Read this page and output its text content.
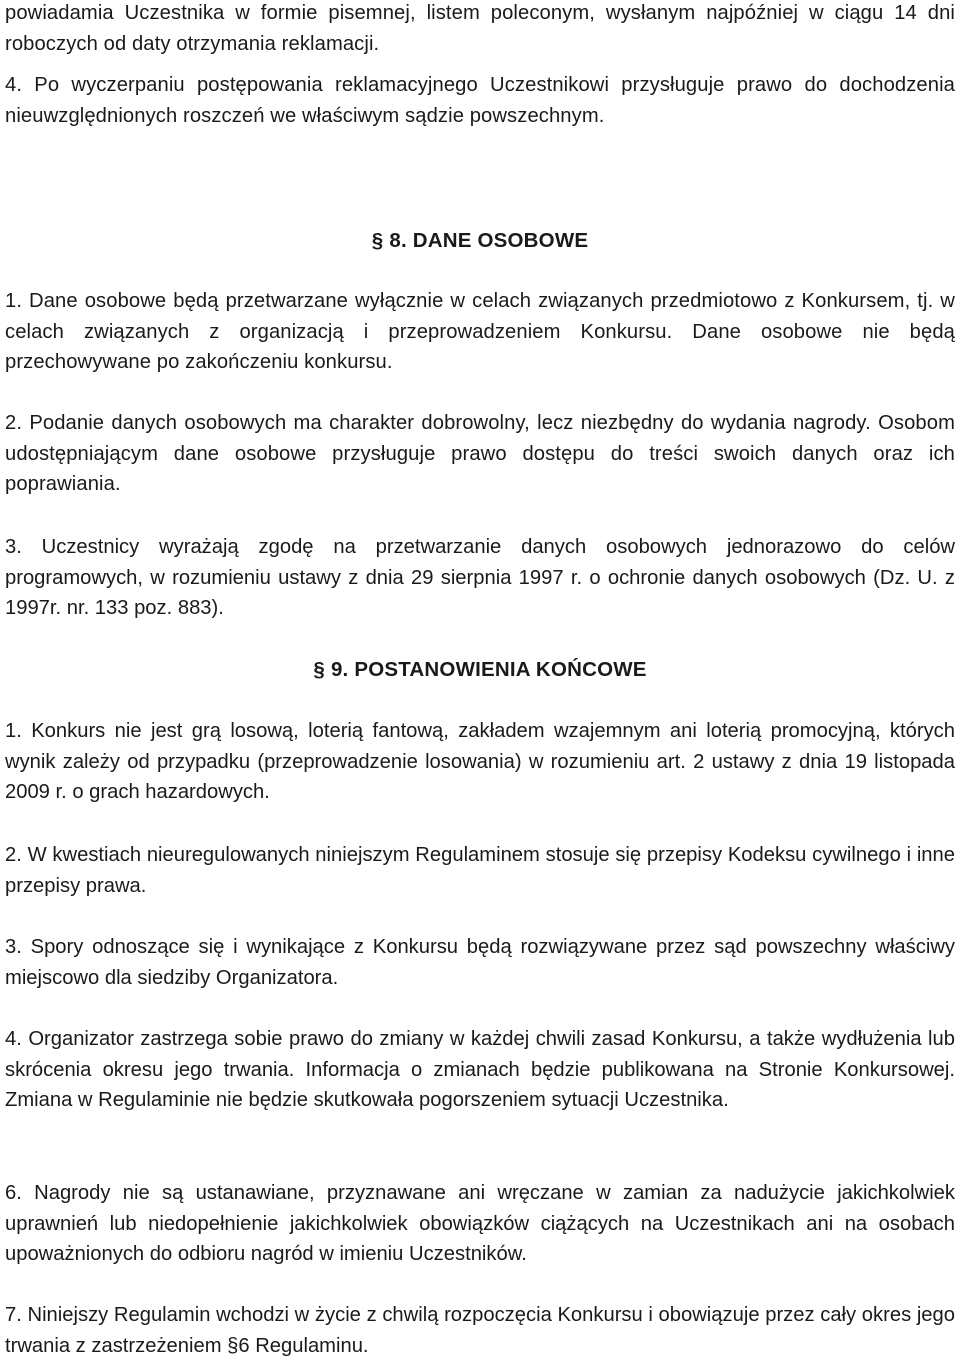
powiadamia Uczestnika w formie pisemnej, listem poleconym, wysłanym najpóźniej w ciągu 14 dni roboczych od daty otrzymania reklamacji.

4. Po wyczerpaniu postępowania reklamacyjnego Uczestnikowi przysługuje prawo do dochodzenia nieuwzględnionych roszczeń we właściwym sądzie powszechnym.

§ 8. DANE OSOBOWE

1. Dane osobowe będą przetwarzane wyłącznie w celach związanych przedmiotowo z Konkursem, tj. w celach związanych z organizacją i przeprowadzeniem Konkursu. Dane osobowe nie będą przechowywane po zakończeniu konkursu.

2. Podanie danych osobowych ma charakter dobrowolny, lecz niezbędny do wydania nagrody. Osobom udostępniającym dane osobowe przysługuje prawo dostępu do treści swoich danych oraz ich poprawiania.

3. Uczestnicy wyrażają zgodę na przetwarzanie danych osobowych jednorazowo do celów programowych, w rozumieniu ustawy z dnia 29 sierpnia 1997 r. o ochronie danych osobowych (Dz. U. z 1997r. nr. 133 poz. 883).

§ 9. POSTANOWIENIA KOŃCOWE

1. Konkurs nie jest grą losową, loterią fantową, zakładem wzajemnym ani loterią promocyjną, których wynik zależy od przypadku (przeprowadzenie losowania) w rozumieniu art. 2 ustawy z dnia 19 listopada 2009 r. o grach hazardowych.

2. W kwestiach nieuregulowanych niniejszym Regulaminem stosuje się przepisy Kodeksu cywilnego i inne przepisy prawa.

3. Spory odnoszące się i wynikające z Konkursu będą rozwiązywane przez sąd powszechny właściwy miejscowo dla siedziby Organizatora.

4. Organizator zastrzega sobie prawo do zmiany w każdej chwili zasad Konkursu, a także wydłużenia lub skrócenia okresu jego trwania. Informacja o zmianach będzie publikowana na Stronie Konkursowej. Zmiana w Regulaminie nie będzie skutkowała pogorszeniem sytuacji Uczestnika.

6. Nagrody nie są ustanawiane, przyznawane ani wręczane w zamian za nadużycie jakichkolwiek uprawnień lub niedopełnienie jakichkolwiek obowiązków ciążących na Uczestnikach ani na osobach upoważnionych do odbioru nagród w imieniu Uczestników.

7. Niniejszy Regulamin wchodzi w życie z chwilą rozpoczęcia Konkursu i obowiązuje przez cały okres jego trwania z zastrzeżeniem §6 Regulaminu.
